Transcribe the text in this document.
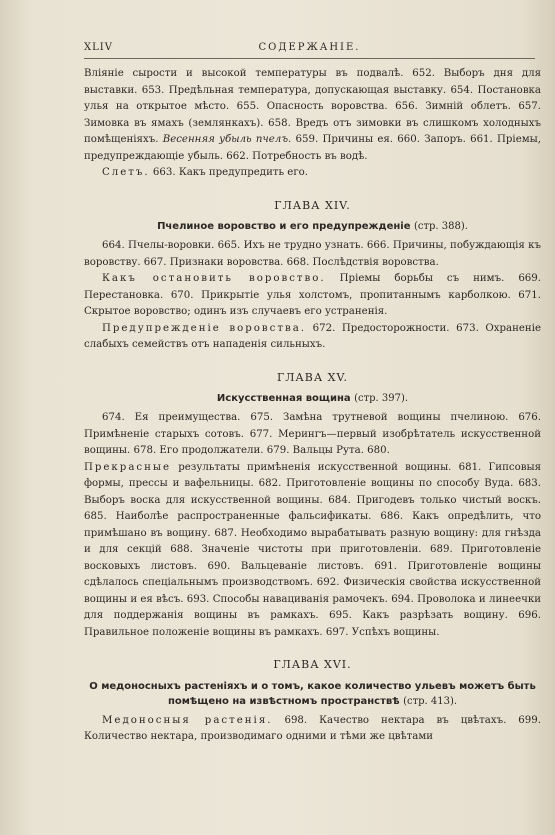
XLIV	СОДЕРЖАНІЕ.

Вліяніе сырости и высокой температуры въ подвалѣ. 652. Выборъ дня для выставки. 653. Предѣльная температура, допускающая выставку. 654. Постановка улья на открытое мѣсто. 655. Опасность воровства. 656. Зимній облетъ. 657. Зимовка въ ямахъ (землянкахъ). 658. Вредъ отъ зимовки въ слишкомъ холодныхъ помѣщеніяхъ. Весенняя убыль пчелъ. 659. Причины ея. 660. Запоръ. 661. Пріемы, предупреждающіе убыль. 662. Потребность въ водѣ.

Слетъ. 663. Какъ предупредить его.

ГЛАВА XIV.
Пчелиное воровство и его предупрежденіе (стр. 388).

664. Пчелы-воровки. 665. Ихъ не трудно узнать. 666. Причины, побуждающія къ воровству. 667. Признаки воровства. 668. Послѣдствія воровства.

Какъ остановить воровство. Пріемы борьбы съ нимъ. 669. Перестановка. 670. Прикрытіе улья холстомъ, пропитаннымъ карболкою. 671. Скрытое воровство; одинъ изъ случаевъ его устраненія.

Предупрежденіе воровства. 672. Предосторожности. 673. Охраненіе слабыхъ семействъ отъ нападенія сильныхъ.

ГЛАВА XV.
Искусственная вощина (стр. 397).

674. Ея преимущества. 675. Замѣна трутневой вощины пчелиною. 676. Примѣненіе старыхъ сотовъ. 677. Мерингъ—первый изобрѣтатель искусственной вощины. 678. Его продолжатели. 679. Вальцы Рута. 680.

Прекрасные результаты примѣненія искусственной вощины. 681. Гипсовыя формы, прессы и вафельницы. 682. Приготовленіе вощины по способу Вуда. 683. Выборъ воска для искусственной вощины. 684. Пригодевъ только чистый воскъ. 685. Наиболѣе распространенные фальсификаты. 686. Какъ опредѣлить, что примѣшано въ вощину. 687. Необходимо вырабатывать разную вощину: для гнѣзда и для секцій 688. Значеніе чистоты при приготовленіи. 689. Приготовленіе восковыхъ листовъ. 690. Вальцеваніе листовъ. 691. Приготовленіе вощины сдѣлалось спеціальнымъ производствомъ. 692. Физическія свойства искусственной вощины и ея вѣсъ. 693. Способы навациванія рамочекъ. 694. Проволока и линеечки для поддержанія вощины въ рамкахъ. 695. Какъ разрѣзать вощину. 696. Правильное положеніе вощины въ рамкахъ. 697. Успѣхъ вощины.

ГЛАВА XVI.
О медоносныхъ растеніяхъ и о томъ, какое количество ульевъ можетъ быть помѣщено на извѣстномъ пространствѣ (стр. 413).

Медоносныя растенія. 698. Качество нектара въ цвѣтахъ. 699. Количество нектара, производимаго одними и тѣми же цвѣтами
